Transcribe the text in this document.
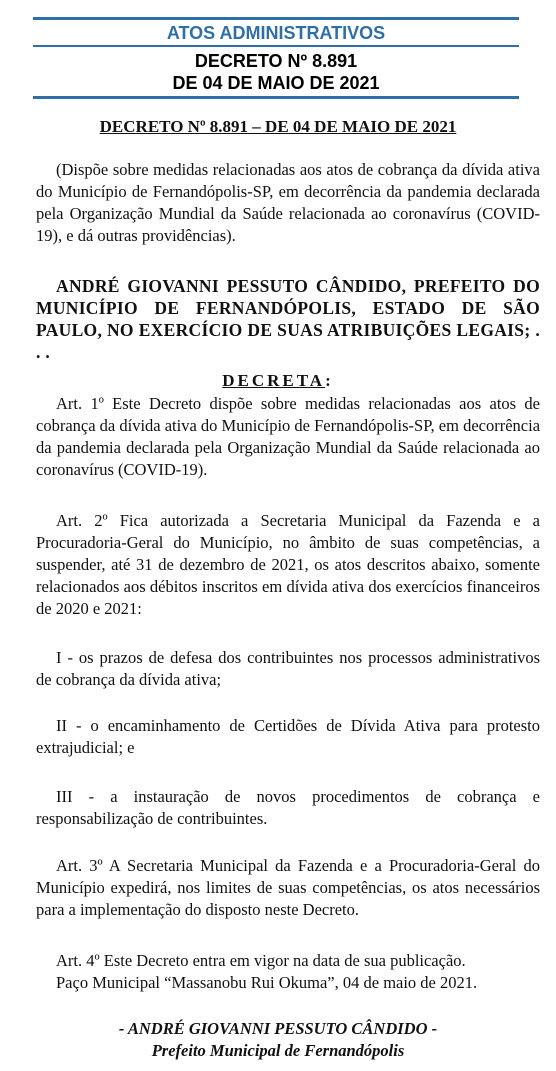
ATOS ADMINISTRATIVOS
DECRETO Nº 8.891
DE 04 DE MAIO DE 2021
DECRETO Nº 8.891 – DE 04 DE MAIO DE 2021

(Dispõe sobre medidas relacionadas aos atos de cobrança da dívida ativa do Município de Fernandópolis-SP, em decorrência da pandemia declarada pela Organização Mundial da Saúde relacionada ao coronavírus (COVID-19), e dá outras providências).

ANDRÉ GIOVANNI PESSUTO CÂNDIDO, PREFEITO DO MUNICÍPIO DE FERNANDÓPOLIS, ESTADO DE SÃO PAULO, NO EXERCÍCIO DE SUAS ATRIBUIÇÕES LEGAIS; . . .

DECRETA:

Art. 1º Este Decreto dispõe sobre medidas relacionadas aos atos de cobrança da dívida ativa do Município de Fernandópolis-SP, em decorrência da pandemia declarada pela Organização Mundial da Saúde relacionada ao coronavírus (COVID-19).

Art. 2º Fica autorizada a Secretaria Municipal da Fazenda e a Procuradoria-Geral do Município, no âmbito de suas competências, a suspender, até 31 de dezembro de 2021, os atos descritos abaixo, somente relacionados aos débitos inscritos em dívida ativa dos exercícios financeiros de 2020 e 2021:

I - os prazos de defesa dos contribuintes nos processos administrativos de cobrança da dívida ativa;

II - o encaminhamento de Certidões de Dívida Ativa para protesto extrajudicial; e

III - a instauração de novos procedimentos de cobrança e responsabilização de contribuintes.

Art. 3º A Secretaria Municipal da Fazenda e a Procuradoria-Geral do Município expedirá, nos limites de suas competências, os atos necessários para a implementação do disposto neste Decreto.

Art. 4º Este Decreto entra em vigor na data de sua publicação.

Paço Municipal “Massanobu Rui Okuma”, 04 de maio de 2021.

- ANDRÉ GIOVANNI PESSUTO CÂNDIDO -
Prefeito Municipal de Fernandópolis
